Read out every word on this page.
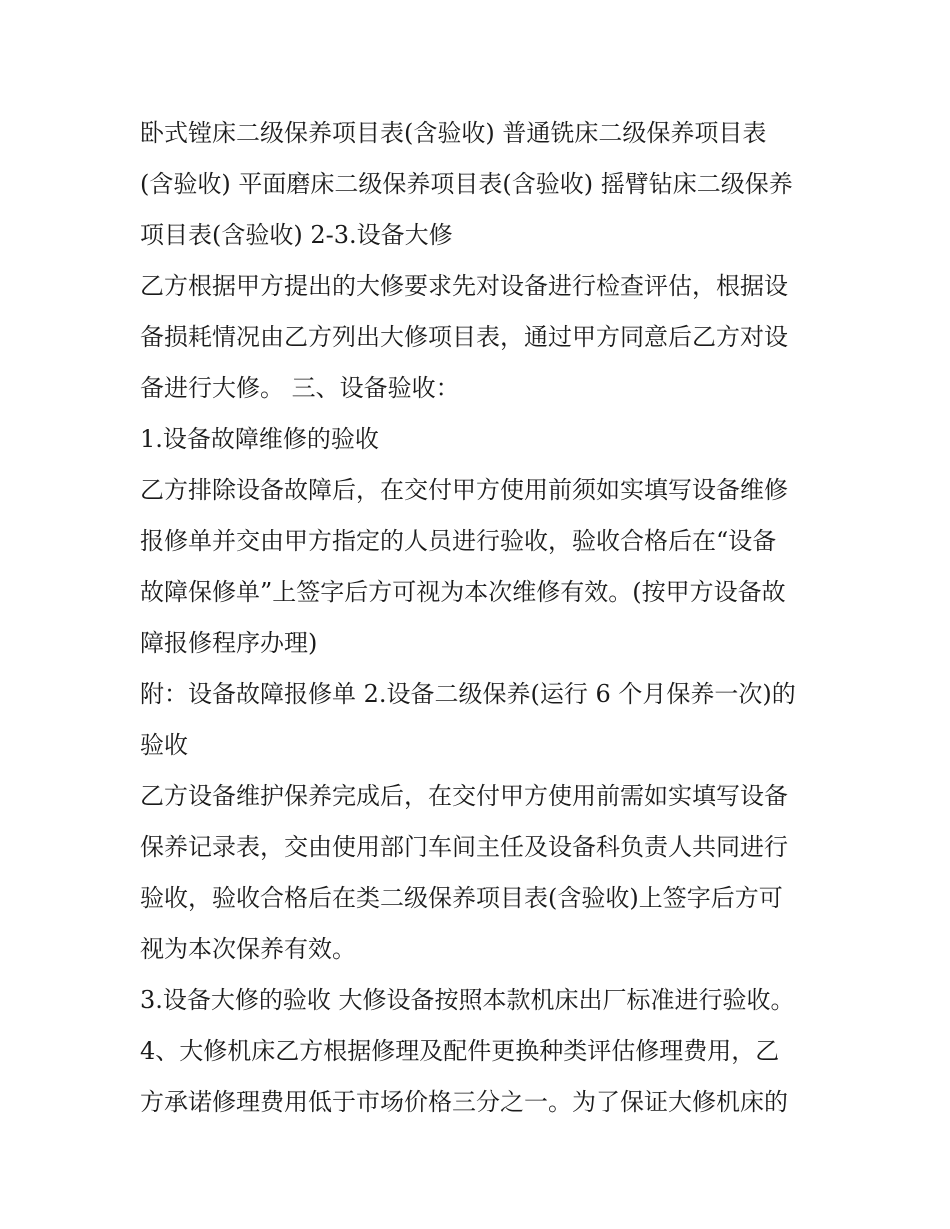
卧式镗床二级保养项目表(含验收) 普通铣床二级保养项目表
(含验收) 平面磨床二级保养项目表(含验收) 摇臂钻床二级保养
项目表(含验收) 2-3.设备大修
乙方根据甲方提出的大修要求先对设备进行检查评估，根据设
备损耗情况由乙方列出大修项目表，通过甲方同意后乙方对设
备进行大修。 三、设备验收：
1.设备故障维修的验收
乙方排除设备故障后，在交付甲方使用前须如实填写设备维修
报修单并交由甲方指定的人员进行验收，验收合格后在“设备
故障保修单”上签字后方可视为本次维修有效。(按甲方设备故
障报修程序办理)
附：设备故障报修单 2.设备二级保养(运行 6 个月保养一次)的
验收
乙方设备维护保养完成后，在交付甲方使用前需如实填写设备
保养记录表，交由使用部门车间主任及设备科负责人共同进行
验收，验收合格后在类二级保养项目表(含验收)上签字后方可
视为本次保养有效。
3.设备大修的验收 大修设备按照本款机床出厂标准进行验收。
4、大修机床乙方根据修理及配件更换种类评估修理费用，乙
方承诺修理费用低于市场价格三分之一。为了保证大修机床的
